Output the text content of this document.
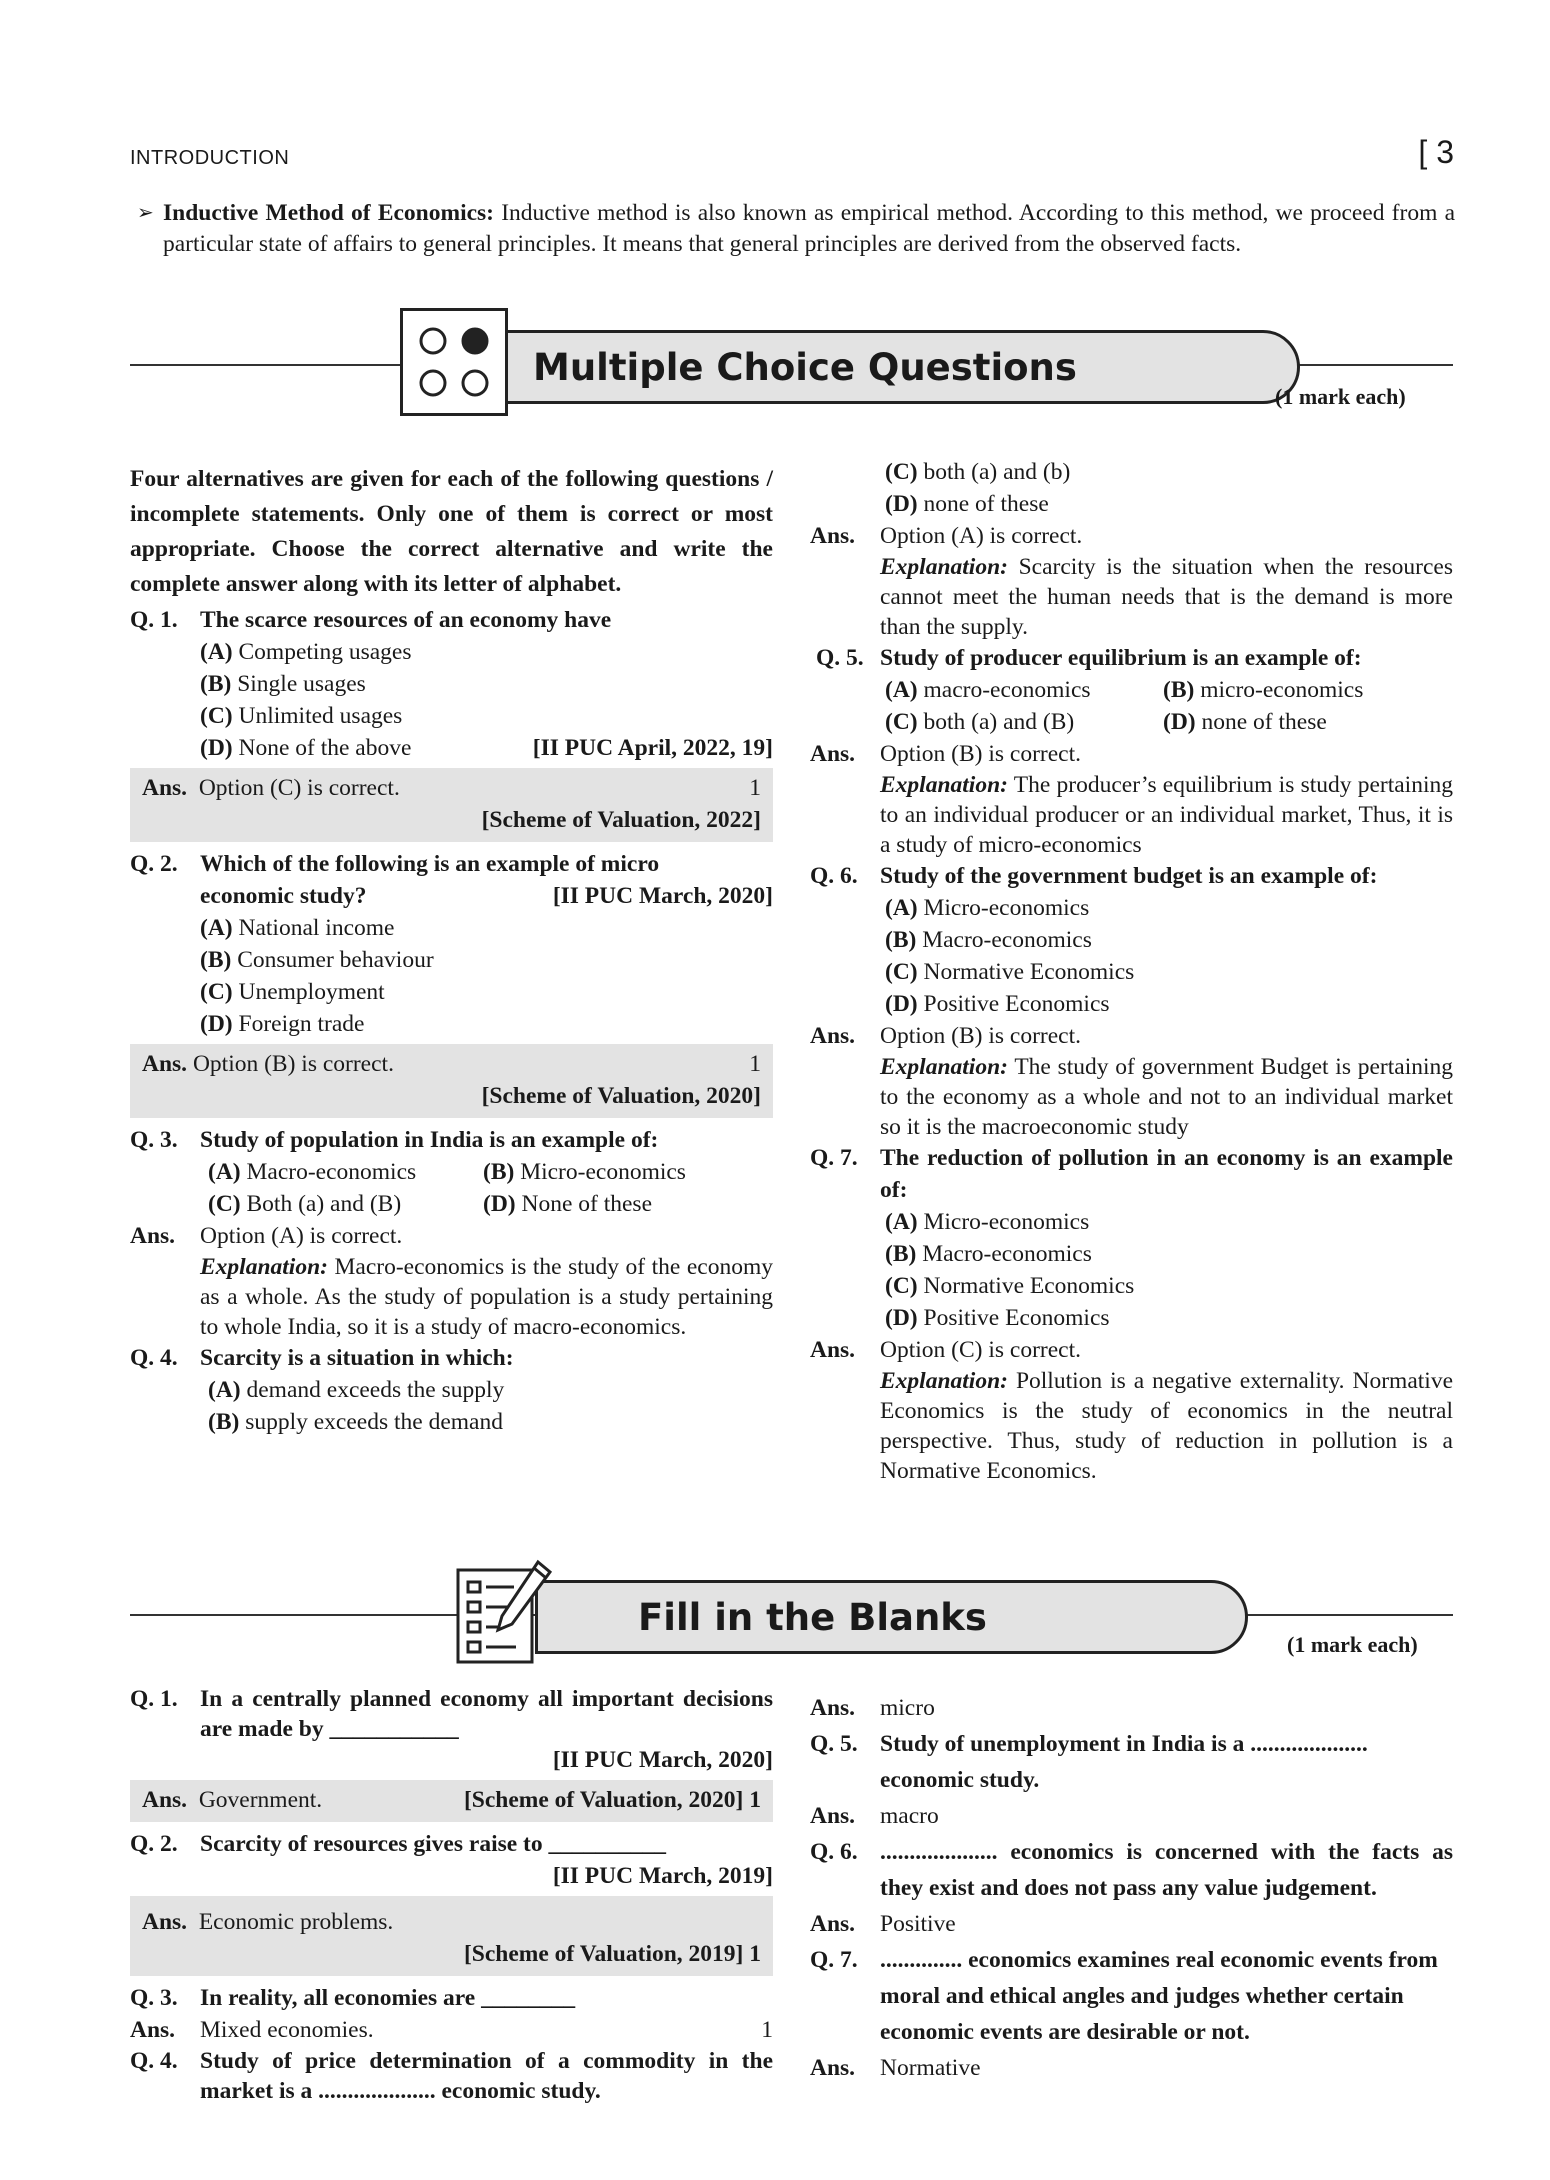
INTRODUCTION	[ 3
➢ Inductive Method of Economics: Inductive method is also known as empirical method. According to this method, we proceed from a particular state of affairs to general principles. It means that general principles are derived from the observed facts.
Multiple Choice Questions
(1 mark each)

Four alternatives are given for each of the following questions / incomplete statements. Only one of them is correct or most appropriate. Choose the correct alternative and write the complete answer along with its letter of alphabet.

Q. 1. The scarce resources of an economy have
(A) Competing usages
(B) Single usages
(C) Unlimited usages
(D) None of the above	[II PUC April, 2022, 19]
Ans. Option (C) is correct.	1
[Scheme of Valuation, 2022]
Q. 2. Which of the following is an example of micro
economic study?	[II PUC March, 2020]
(A) National income
(B) Consumer behaviour
(C) Unemployment
(D) Foreign trade
Ans. Option (B) is correct.	1
[Scheme of Valuation, 2020]
Q. 3. Study of population in India is an example of:
(A) Macro-economics	(B) Micro-economics
(C) Both (a) and (B)	(D) None of these
Ans. Option (A) is correct.
Explanation: Macro-economics is the study of the economy as a whole. As the study of population is a study pertaining to whole India, so it is a study of macro-economics.
Q. 4. Scarcity is a situation in which:
(A) demand exceeds the supply
(B) supply exceeds the demand
(C) both (a) and (b)
(D) none of these
Ans. Option (A) is correct.
Explanation: Scarcity is the situation when the resources cannot meet the human needs that is the demand is more than the supply.
Q. 5. Study of producer equilibrium is an example of:
(A) macro-economics	(B) micro-economics
(C) both (a) and (B)	(D) none of these
Ans. Option (B) is correct.
Explanation: The producer’s equilibrium is study pertaining to an individual producer or an individual market, Thus, it is a study of micro-economics
Q. 6. Study of the government budget is an example of:
(A) Micro-economics
(B) Macro-economics
(C) Normative Economics
(D) Positive Economics
Ans. Option (B) is correct.
Explanation: The study of government Budget is pertaining to the economy as a whole and not to an individual market so it is the macroeconomic study
Q. 7. The reduction of pollution in an economy is an example of:
(A) Micro-economics
(B) Macro-economics
(C) Normative Economics
(D) Positive Economics
Ans. Option (C) is correct.
Explanation: Pollution is a negative externality. Normative Economics is the study of economics in the neutral perspective. Thus, study of reduction in pollution is a Normative Economics.
Fill in the Blanks
(1 mark each)
Q. 1. In a centrally planned economy all important decisions are made by ___________
[II PUC March, 2020]
Ans. Government.	[Scheme of Valuation, 2020] 1
Q. 2. Scarcity of resources gives raise to __________
[II PUC March, 2019]
Ans. Economic problems.
[Scheme of Valuation, 2019] 1
Q. 3. In reality, all economies are ________
Ans. Mixed economies.	1
Q. 4. Study of price determination of a commodity in the market is a .................... economic study.
Ans. micro
Q. 5. Study of unemployment in India is a .................... economic study.
Ans. macro
Q. 6. .................... economics is concerned with the facts as they exist and does not pass any value judgement.
Ans. Positive
Q. 7. .............. economics examines real economic events from moral and ethical angles and judges whether certain economic events are desirable or not.
Ans. Normative
